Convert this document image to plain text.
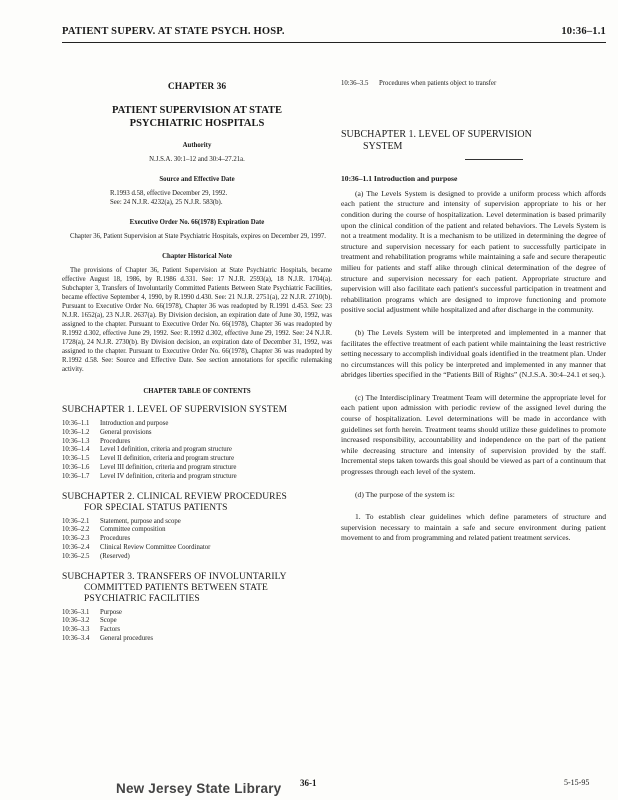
PATIENT SUPERV. AT STATE PSYCH. HOSP.	10:36–1.1
CHAPTER 36
PATIENT SUPERVISION AT STATE
PSYCHIATRIC HOSPITALS
Authority
N.J.S.A. 30:1–12 and 30:4–27.21a.
Source and Effective Date
R.1993 d.58, effective December 29, 1992.
See: 24 N.J.R. 4232(a), 25 N.J.R. 583(b).
Executive Order No. 66(1978) Expiration Date
Chapter 36, Patient Supervision at State Psychiatric Hospitals, expires on December 29, 1997.
Chapter Historical Note
The provisions of Chapter 36, Patient Supervision at State Psychiatric Hospitals, became effective August 18, 1986, by R.1986 d.331. See: 17 N.J.R. 2593(a), 18 N.J.R. 1704(a). Subchapter 3, Transfers of Involuntarily Committed Patients Between State Psychiatric Facilities, became effective September 4, 1990, by R.1990 d.430. See: 21 N.J.R. 2751(a), 22 N.J.R. 2710(b). Pursuant to Executive Order No. 66(1978), Chapter 36 was readopted by R.1991 d.453. See: 23 N.J.R. 1652(a), 23 N.J.R. 2637(a). By Division decision, an expiration date of June 30, 1992, was assigned to the chapter. Pursuant to Executive Order No. 66(1978), Chapter 36 was readopted by R.1992 d.302, effective June 29, 1992. See: R.1992 d.302, effective June 29, 1992. See: 24 N.J.R. 1728(a), 24 N.J.R. 2730(b). By Division decision, an expiration date of December 31, 1992, was assigned to the chapter. Pursuant to Executive Order No. 66(1978), Chapter 36 was readopted by R.1992 d.58. See: Source and Effective Date. See section annotations for specific rulemaking activity.
CHAPTER TABLE OF CONTENTS
SUBCHAPTER 1. LEVEL OF SUPERVISION SYSTEM
10:36–1.1	Introduction and purpose
10:36–1.2	General provisions
10:36–1.3	Procedures
10:36–1.4	Level I definition, criteria and program structure
10:36–1.5	Level II definition, criteria and program structure
10:36–1.6	Level III definition, criteria and program structure
10:36–1.7	Level IV definition, criteria and program structure
SUBCHAPTER 2. CLINICAL REVIEW PROCEDURES
FOR SPECIAL STATUS PATIENTS
10:36–2.1	Statement, purpose and scope
10:36–2.2	Committee composition
10:36–2.3	Procedures
10:36–2.4	Clinical Review Committee Coordinator
10:36–2.5	(Reserved)
SUBCHAPTER 3. TRANSFERS OF INVOLUNTARILY
COMMITTED PATIENTS BETWEEN STATE
PSYCHIATRIC FACILITIES
10:36–3.1	Purpose
10:36–3.2	Scope
10:36–3.3	Factors
10:36–3.4	General procedures
10:36–3.5	Procedures when patients object to transfer
SUBCHAPTER 1. LEVEL OF SUPERVISION
SYSTEM
10:36–1.1 Introduction and purpose
(a) The Levels System is designed to provide a uniform process which affords each patient the structure and intensity of supervision appropriate to his or her condition during the course of hospitalization. Level determination is based primarily upon the clinical condition of the patient and related behaviors. The Levels System is not a treatment modality. It is a mechanism to be utilized in determining the degree of structure and supervision necessary for each patient to successfully participate in treatment and rehabilitation programs while maintaining a safe and secure therapeutic milieu for patients and staff alike through clinical determination of the degree of structure and supervision necessary for each patient. Appropriate structure and supervision will also facilitate each patient's successful participation in treatment and rehabilitation programs which are designed to improve functioning and promote positive social adjustment while hospitalized and after discharge in the community.
(b) The Levels System will be interpreted and implemented in a manner that facilitates the effective treatment of each patient while maintaining the least restrictive setting necessary to accomplish individual goals identified in the treatment plan. Under no circumstances will this policy be interpreted and implemented in any manner that abridges liberties specified in the “Patients Bill of Rights” (N.J.S.A. 30:4–24.1 et seq.).
(c) The Interdisciplinary Treatment Team will determine the appropriate level for each patient upon admission with periodic review of the assigned level during the course of hospitalization. Level determinations will be made in accordance with guidelines set forth herein. Treatment teams should utilize these guidelines to promote increased responsibility, accountability and independence on the part of the patient while decreasing structure and intensity of supervision provided by the staff. Incremental steps taken towards this goal should be viewed as part of a continuum that progresses through each level of the system.
(d) The purpose of the system is:
1. To establish clear guidelines which define parameters of structure and supervision necessary to maintain a safe and secure environment during patient movement to and from programming and related patient treatment services.
36-1	5-15-95
New Jersey State Library
